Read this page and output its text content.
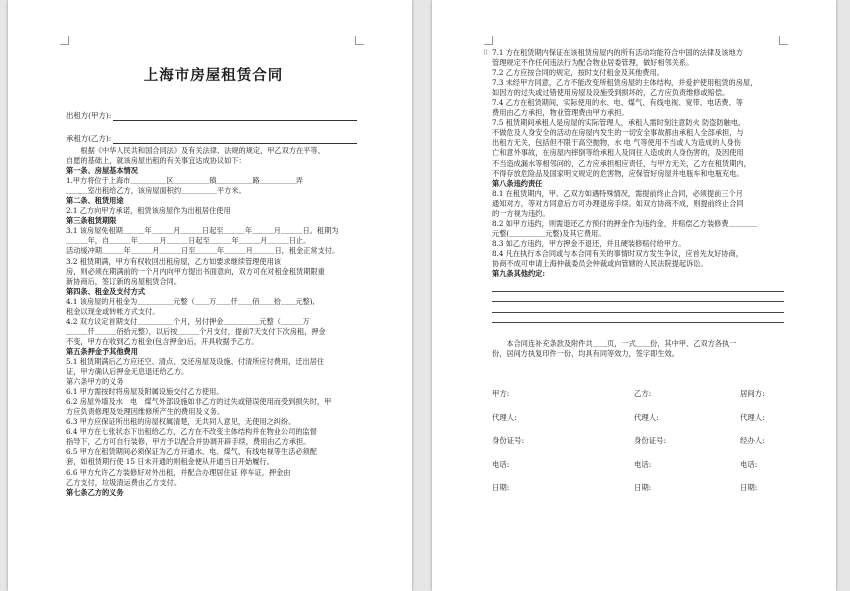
上海市房屋租赁合同
出租方(甲方):
承租方(乙方):
　　根据《中华人民共和国合同法》及有关法律、法规的规定，甲乙双方在平等、
自愿的基础上，就该房屋出租的有关事宜达成协议如下：
第一条、房屋基本情况
1.甲方将位于上海市＿＿＿＿＿区＿＿＿＿＿镇＿＿＿＿＿路＿＿＿＿＿弄
＿＿＿室出租给乙方，该房屋面积约＿＿＿＿＿平方米。
第二条、租赁用途
2.1 乙方向甲方承诺，租赁该房屋作为出租居住使用
第三条租赁期限
3.1 该房屋免租期＿＿＿年＿＿＿月＿＿＿日起至＿＿＿年＿＿＿月＿＿＿日。租期为
＿＿＿年，自＿＿＿年＿＿＿月＿＿＿日起至＿＿＿年＿＿＿月＿＿＿日止。
活动缓冲期＿＿＿年＿＿＿月＿＿＿日至＿＿＿年＿＿＿月＿＿＿日，租金正常支付。
3.2 租赁期满，甲方有权收回出租房屋，乙方如要求继续管理使用该
房，则必须在期满前的一个月内向甲方提出书面意向，双方可在对租金租赁期限重
新协商后，签订新的房屋租赁合同。
第四条、租金及支付方式
4.1 该房屋的月租金为＿＿＿＿＿元整（＿＿万＿＿仟＿＿佰＿＿拾＿＿元整),
租金以现金或转帐方式支付。
4.2 双方议定首期支付＿＿＿＿＿个月，另付押金＿＿＿＿＿元整（＿＿＿万
＿＿＿仟＿＿＿佰拾元整），以后按＿＿＿个月支付，提前7天支付下次房租，押金
不变，甲方在收到乙方租金(包含押金)后，开具收据予乙方。
第五条押金予其他费用
5.1 租赁期满后乙方应还空、清点、交还房屋及设施、付清所应付费用，迁出居住
证，甲方确认后押金无息退还给乙方。
第六条甲方的义务
6.1 甲方需按时将房屋及附属设施交付乙方使用。
6.2 房屋外墙及水　电　煤气外部设施如非乙方的过失或错误使用而受到损失时，甲
方应负责修理及处理因维修所产生的费用及义务。
6.3 甲方应保证所出租的房屋权属清楚，无共同人意见，无使用之纠纷。
6.4 甲方在七张状态下出租给乙方，乙方在不改变主体结构并在物业公司的监督
指导下，乙方可自行装修，甲方予以配合并协调开辟手续，费用由乙方承担。
6.5 甲方在租赁期间必须保证为乙方开通水、电、煤气、有线电视等生活必须配
套，如租赁期行使 15 日未开通的则租金便从开通当日开始履行。
6.6 甲方允许乙方装修好对外出租，并配合办理居住证 停车证，押金由
乙方支付，垃圾清运费由乙方支付。
第七条乙方的义务
⠿ 7.1 方在租赁期内保证在该租赁房屋内的所有活动均能符合中国的法律及该地方
管理规定不作任何违法行为配合物业居委管理，做好相邻关系。
7.2 乙方应按合同的规定，按时支付租金及其他费用。
7.3 未经甲方同意，乙方不能改变所租赁房屋的主体结构，并爱护使用租赁的房屋，
如因方的过失或过错使用房屋及设施受到损坏的，乙方应负责维修或赔偿。
7.4 乙方在租赁期间，实际使用的水、电、煤气、有线电视、宽带、电话费、等
费用由乙方承担，物业管理费由甲方承担。
7.5 租赁期间承租人是房屋的实际管理人，承租人需时刻注意防火 防盗防触电，
不做危及人身安全的活动在房屋内发生的一切安全事故都由承租人全部承担，与
出租方无关，包括但不限于高空抛物，水 电 气等使用不当或人为造成的人身伤
亡和意外事故，在房屋内摔倒等给承租人及同住人造成的人身伤害的，及因使用
不当造成漏水等相邻问的，乙方应承担相应责任，与甲方无关，乙方在租赁期内，
不得存放危险品及国家明文规定的危害物，应保管好房屋并电瓶车和电瓶充电。
第八条违约责任
8.1 在租赁期内，甲、乙双方如遇特殊情况，需提前终止合同，必须提前三个月
通知对方，等对方同意后方可办理退房手续。如双方协商不成，则提前终止合同
的一方视为违约。
8.2 如甲方违约，则需退还乙方预付的押金作为违约金，并赔偿乙方装修费＿＿＿＿
元整(＿＿＿＿＿元整)及其它费用。
8.3 如乙方违约，甲方押金不退还，并且硬装修赔付给甲方。
8.4 凡在执行本合同或与本合同有关的事情时双方发生争议，应首先友好协商，
协商不成可申请上海仲裁委员会仲裁或向管辖的人民法院提起诉讼。
第九条其他约定:
　　本合同连补充条款及附件共＿＿页，一式＿＿份，其中甲、乙双方各执一
份，居间方执复印件一份，均具有同等效力，签字即生效。
甲方:	乙方:	居间方:
代理人:	代理人:	代理人:
身份证号:	身份证号:	经办人:
电话:	电话:	电话:
日期:	日期:	日期:
